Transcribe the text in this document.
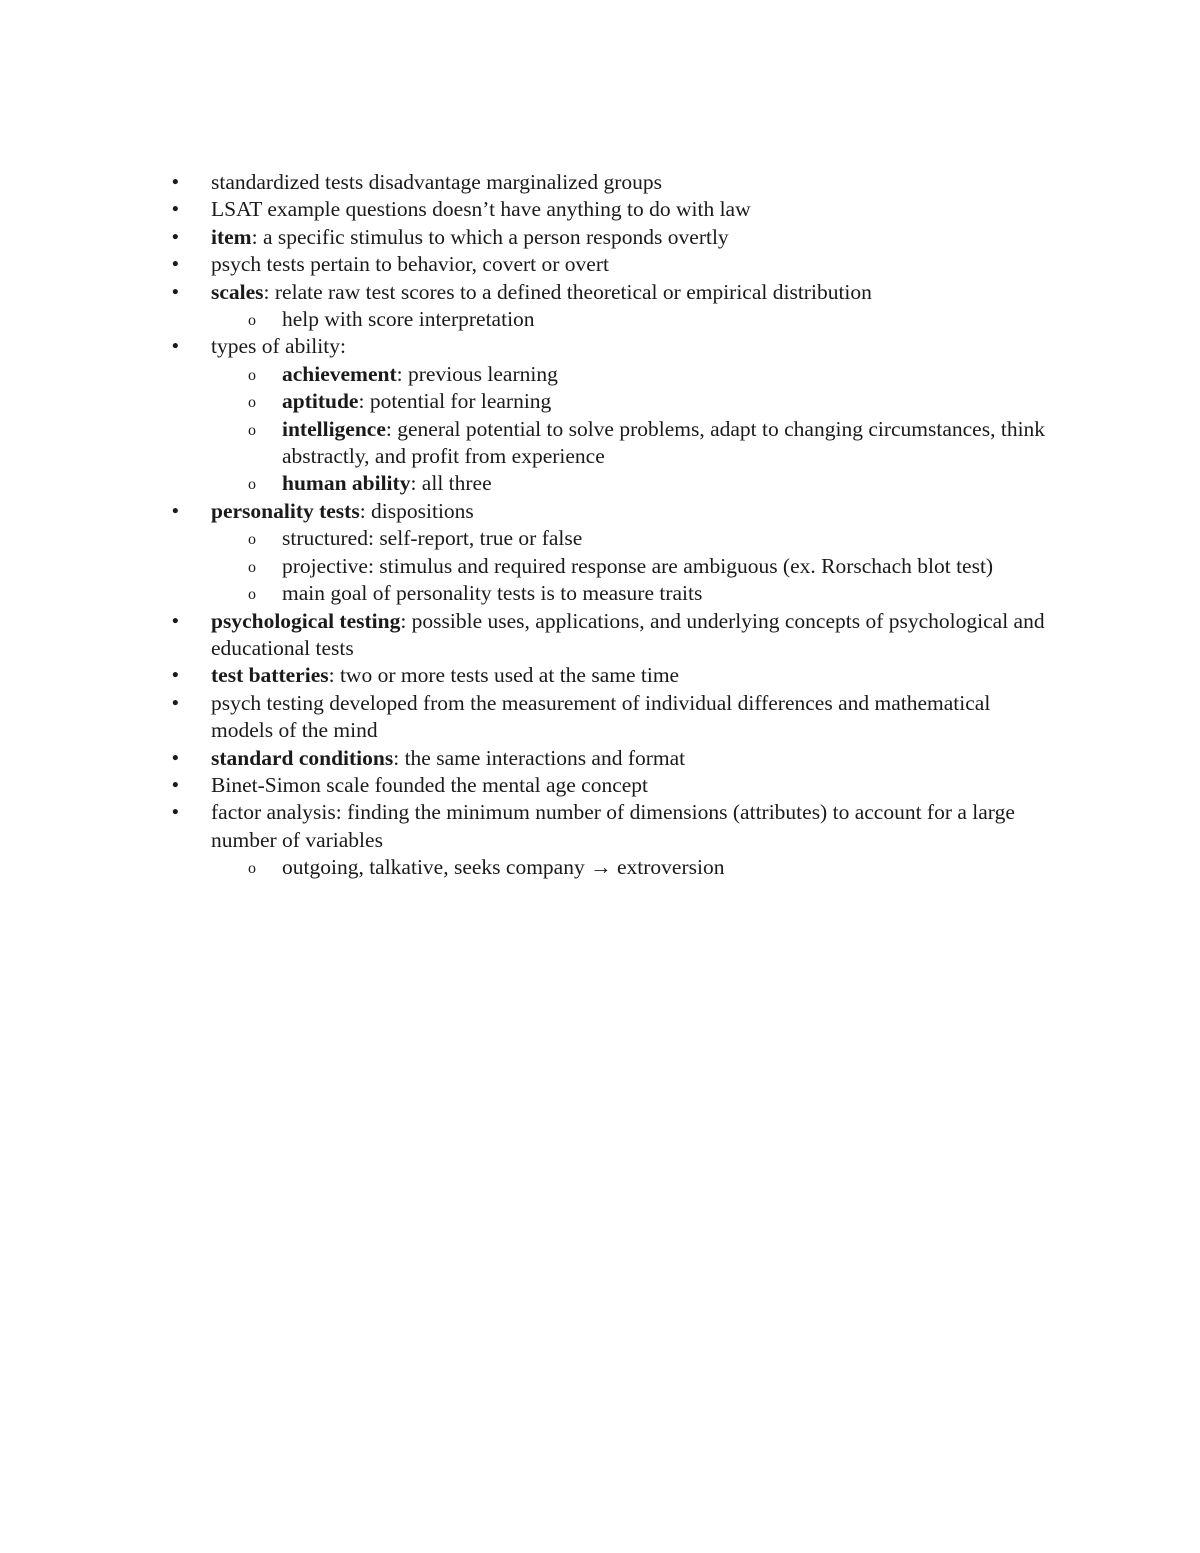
• standardized tests disadvantage marginalized groups
• LSAT example questions doesn’t have anything to do with law
• item: a specific stimulus to which a person responds overtly
• psych tests pertain to behavior, covert or overt
• scales: relate raw test scores to a defined theoretical or empirical distribution
o help with score interpretation
• types of ability:
o achievement: previous learning
o aptitude: potential for learning
o intelligence: general potential to solve problems, adapt to changing circumstances, think abstractly, and profit from experience
o human ability: all three
• personality tests: dispositions
o structured: self-report, true or false
o projective: stimulus and required response are ambiguous (ex. Rorschach blot test)
o main goal of personality tests is to measure traits
• psychological testing: possible uses, applications, and underlying concepts of psychological and educational tests
• test batteries: two or more tests used at the same time
• psych testing developed from the measurement of individual differences and mathematical models of the mind
• standard conditions: the same interactions and format
• Binet-Simon scale founded the mental age concept
• factor analysis: finding the minimum number of dimensions (attributes) to account for a large number of variables
o outgoing, talkative, seeks company → extroversion
